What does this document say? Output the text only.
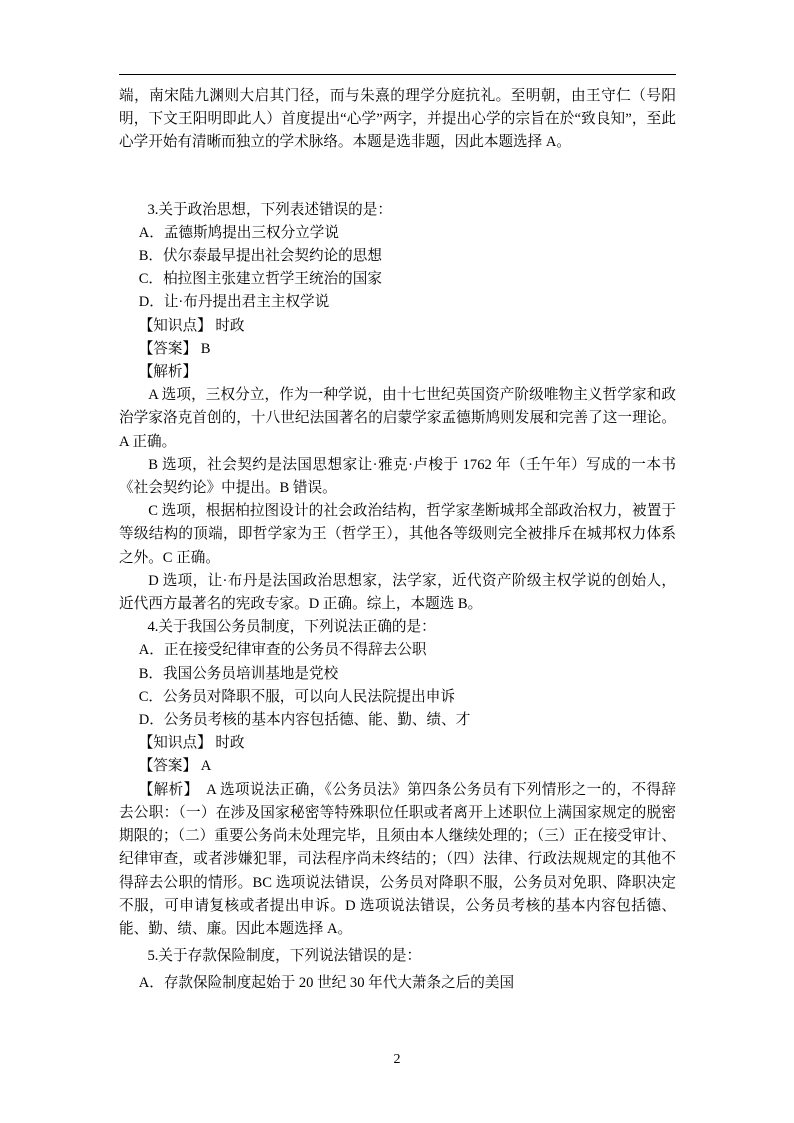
端，南宋陆九渊则大启其门径，而与朱熹的理学分庭抗礼。至明朝，由王守仁（号阳明，下文王阳明即此人）首度提出“心学”两字，并提出心学的宗旨在於“致良知”，至此心学开始有清晰而独立的学术脉络。本题是选非题，因此本题选择 A。

3.关于政治思想，下列表述错误的是：

A．孟德斯鸠提出三权分立学说

B．伏尔泰最早提出社会契约论的思想

C．柏拉图主张建立哲学王统治的国家

D．让·布丹提出君主主权学说

【知识点】 时政

【答案】 B

【解析】

A 选项，三权分立，作为一种学说，由十七世纪英国资产阶级唯物主义哲学家和政治学家洛克首创的，十八世纪法国著名的启蒙学家孟德斯鸠则发展和完善了这一理论。A 正确。

B 选项，社会契约是法国思想家让·雅克·卢梭于 1762 年（壬午年）写成的一本书《社会契约论》中提出。B 错误。

C 选项，根据柏拉图设计的社会政治结构，哲学家垄断城邦全部政治权力，被置于等级结构的顶端，即哲学家为王（哲学王），其他各等级则完全被排斥在城邦权力体系之外。C 正确。

D 选项，让·布丹是法国政治思想家，法学家，近代资产阶级主权学说的创始人，近代西方最著名的宪政专家。D 正确。综上，本题选 B。

4.关于我国公务员制度，下列说法正确的是：

A．正在接受纪律审查的公务员不得辞去公职

B．我国公务员培训基地是党校

C．公务员对降职不服，可以向人民法院提出申诉

D．公务员考核的基本内容包括德、能、勤、绩、才

【知识点】 时政

【答案】 A

【解析】　A 选项说法正确，《公务员法》第四条公务员有下列情形之一的，不得辞去公职：（一）在涉及国家秘密等特殊职位任职或者离开上述职位上满国家规定的脱密期限的；（二）重要公务尚未处理完毕，且须由本人继续处理的；（三）正在接受审计、纪律审查，或者涉嫌犯罪，司法程序尚未终结的；（四）法律、行政法规规定的其他不得辞去公职的情形。BC 选项说法错误，公务员对降职不服，公务员对免职、降职决定不服，可申请复核或者提出申诉。D 选项说法错误，公务员考核的基本内容包括德、能、勤、绩、廉。因此本题选择 A。

5.关于存款保险制度，下列说法错误的是：

A．存款保险制度起始于 20 世纪 30 年代大萧条之后的美国

2
